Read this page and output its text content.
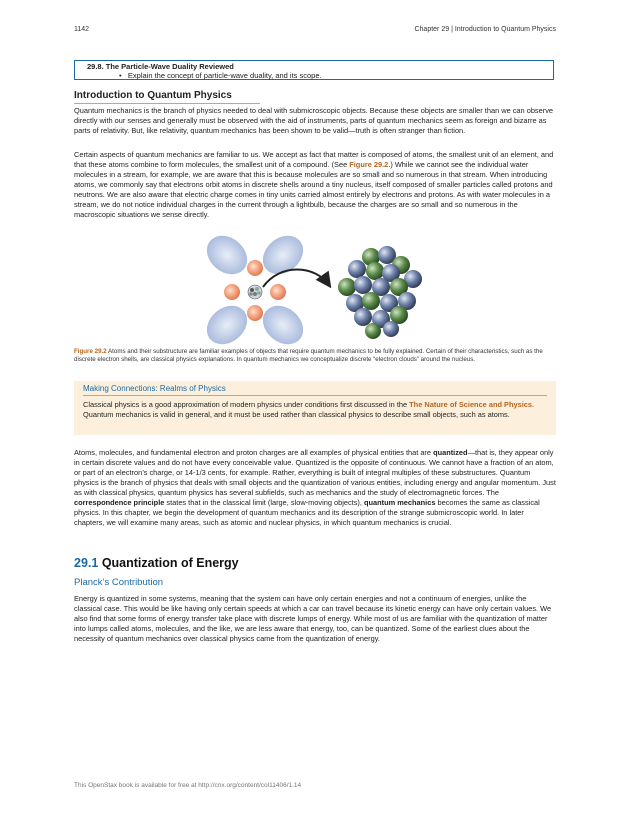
1142	Chapter 29 | Introduction to Quantum Physics
29.8. The Particle-Wave Duality Reviewed
•   Explain the concept of particle-wave duality, and its scope.
Introduction to Quantum Physics
Quantum mechanics is the branch of physics needed to deal with submicroscopic objects. Because these objects are smaller than we can observe directly with our senses and generally must be observed with the aid of instruments, parts of quantum mechanics seem as foreign and bizarre as parts of relativity. But, like relativity, quantum mechanics has been shown to be valid—truth is often stranger than fiction.
Certain aspects of quantum mechanics are familiar to us. We accept as fact that matter is composed of atoms, the smallest unit of an element, and that these atoms combine to form molecules, the smallest unit of a compound. (See Figure 29.2.) While we cannot see the individual water molecules in a stream, for example, we are aware that this is because molecules are so small and so numerous in that stream. When introducing atoms, we commonly say that electrons orbit atoms in discrete shells around a tiny nucleus, itself composed of smaller particles called protons and neutrons. We are also aware that electric charge comes in tiny units carried almost entirely by electrons and protons. As with water molecules in a stream, we do not notice individual charges in the current through a lightbulb, because the charges are so small and so numerous in the macroscopic situations we sense directly.
Figure 29.2 Atoms and their substructure are familiar examples of objects that require quantum mechanics to be fully explained. Certain of their characteristics, such as the discrete electron shells, are classical physics explanations. In quantum mechanics we conceptualize discrete “electron clouds” around the nucleus.
Making Connections: Realms of Physics
Classical physics is a good approximation of modern physics under conditions first discussed in the The Nature of Science and Physics. Quantum mechanics is valid in general, and it must be used rather than classical physics to describe small objects, such as atoms.
Atoms, molecules, and fundamental electron and proton charges are all examples of physical entities that are quantized—that is, they appear only in certain discrete values and do not have every conceivable value. Quantized is the opposite of continuous. We cannot have a fraction of an atom, or part of an electron’s charge, or 14-1/3 cents, for example. Rather, everything is built of integral multiples of these substructures. Quantum physics is the branch of physics that deals with small objects and the quantization of various entities, including energy and angular momentum. Just as with classical physics, quantum physics has several subfields, such as mechanics and the study of electromagnetic forces. The correspondence principle states that in the classical limit (large, slow-moving objects), quantum mechanics becomes the same as classical physics. In this chapter, we begin the development of quantum mechanics and its description of the strange submicroscopic world. In later chapters, we will examine many areas, such as atomic and nuclear physics, in which quantum mechanics is crucial.
29.1 Quantization of Energy
Planck’s Contribution
Energy is quantized in some systems, meaning that the system can have only certain energies and not a continuum of energies, unlike the classical case. This would be like having only certain speeds at which a car can travel because its kinetic energy can have only certain values. We also find that some forms of energy transfer take place with discrete lumps of energy. While most of us are familiar with the quantization of matter into lumps called atoms, molecules, and the like, we are less aware that energy, too, can be quantized. Some of the earliest clues about the necessity of quantum mechanics over classical physics came from the quantization of energy.
This OpenStax book is available for free at http://cnx.org/content/col11406/1.14
